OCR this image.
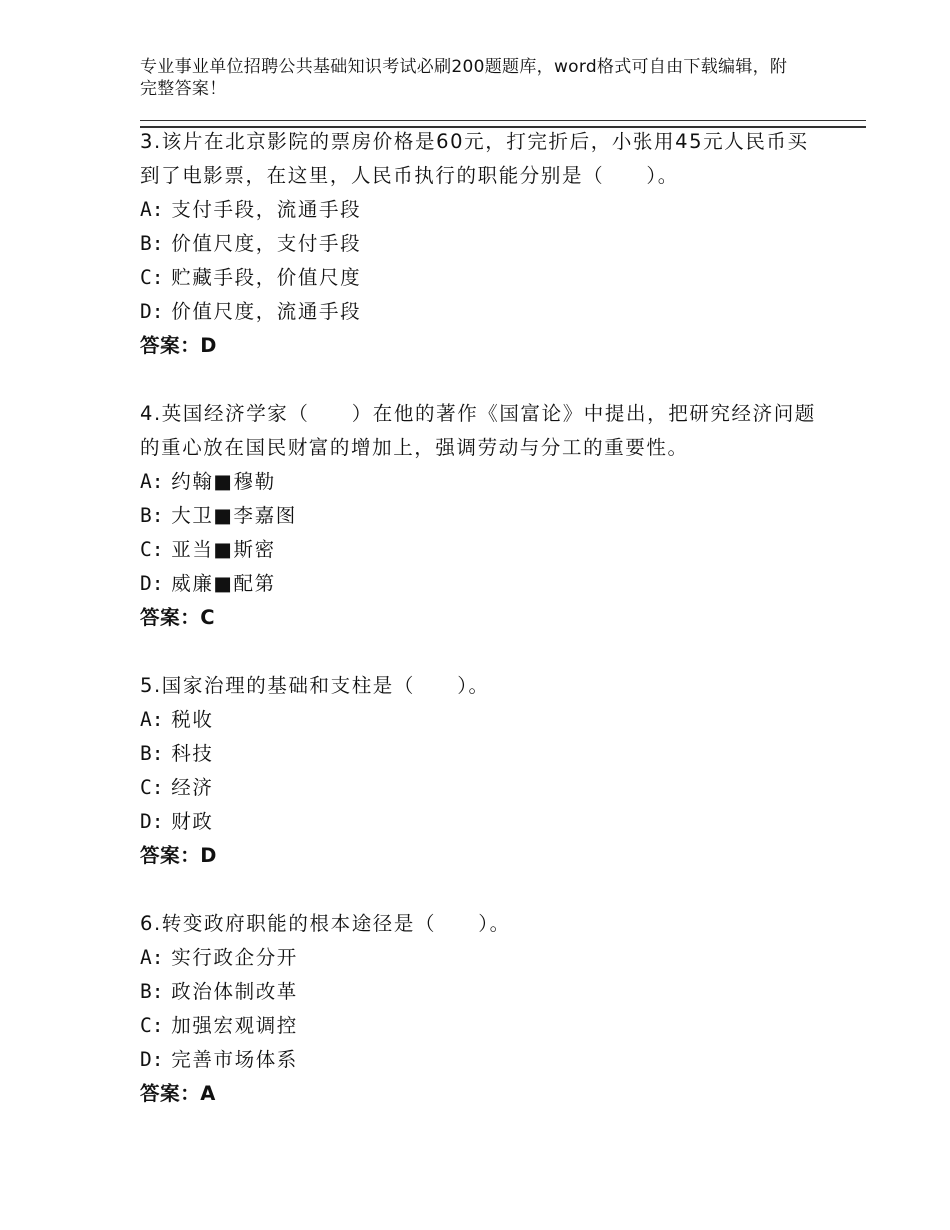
专业事业单位招聘公共基础知识考试必刷200题题库，word格式可自由下载编辑，附完整答案！
3.该片在北京影院的票房价格是60元，打完折后，小张用45元人民币买到了电影票，在这里，人民币执行的职能分别是（　　）。
A: 支付手段，流通手段
B: 价值尺度，支付手段
C: 贮藏手段，价值尺度
D: 价值尺度，流通手段
答案：D
4.英国经济学家（　　）在他的著作《国富论》中提出，把研究经济问题的重心放在国民财富的增加上，强调劳动与分工的重要性。
A: 约翰■穆勒
B: 大卫■李嘉图
C: 亚当■斯密
D: 威廉■配第
答案：C
5.国家治理的基础和支柱是（　　）。
A: 税收
B: 科技
C: 经济
D: 财政
答案：D
6.转变政府职能的根本途径是（　　）。
A: 实行政企分开
B: 政治体制改革
C: 加强宏观调控
D: 完善市场体系
答案：A
